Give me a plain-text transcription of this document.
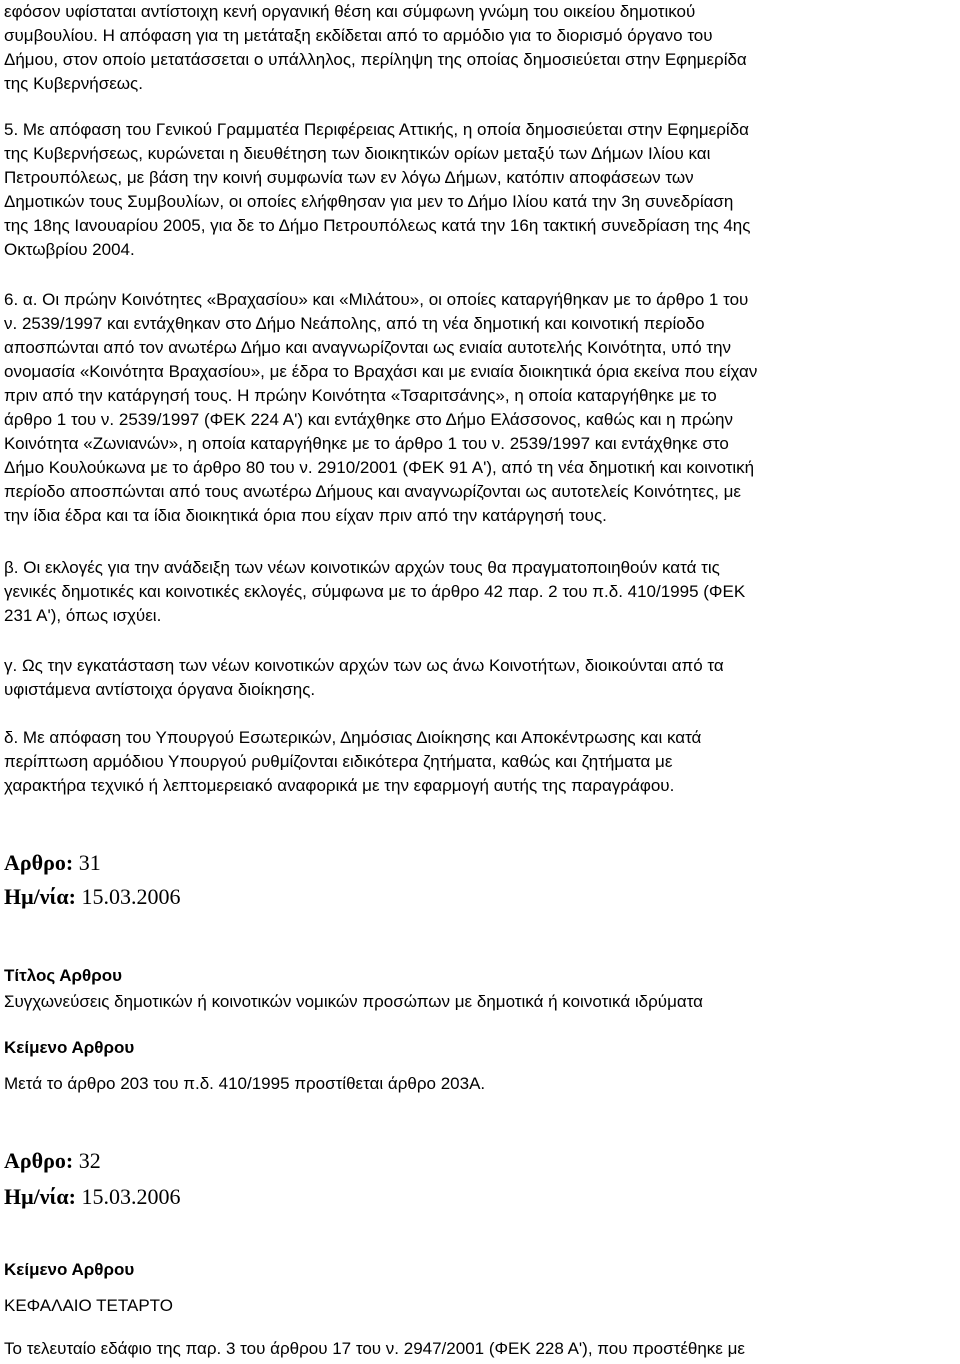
εφόσον υφίσταται αντίστοιχη κενή οργανική θέση και σύμφωνη γνώμη του οικείου δημοτικού
συμβουλίου. Η απόφαση για τη μετάταξη εκδίδεται από το αρμόδιο για το διορισμό όργανο του
Δήμου, στον οποίο μετατάσσεται ο υπάλληλος, περίληψη της οποίας δημοσιεύεται στην Εφημερίδα
της Κυβερνήσεως.
5. Με απόφαση του Γενικού Γραμματέα Περιφέρειας Αττικής, η οποία δημοσιεύεται στην Εφημερίδα
της Κυβερνήσεως, κυρώνεται η διευθέτηση των διοικητικών ορίων μεταξύ των Δήμων Ιλίου και
Πετρουπόλεως, με βάση την κοινή συμφωνία των εν λόγω Δήμων, κατόπιν αποφάσεων των
Δημοτικών τους Συμβουλίων, οι οποίες ελήφθησαν για μεν το Δήμο Ιλίου κατά την 3η συνεδρίαση
της 18ης Ιανουαρίου 2005, για δε το Δήμο Πετρουπόλεως κατά την 16η τακτική συνεδρίαση της 4ης
Οκτωβρίου 2004.
6. α. Οι πρώην Κοινότητες «Βραχασίου» και «Μιλάτου», οι οποίες καταργήθηκαν με το άρθρο 1 του
ν. 2539/1997 και εντάχθηκαν στο Δήμο Νεάπολης, από τη νέα δημοτική και κοινοτική περίοδο
αποσπώνται από τον ανωτέρω Δήμο και αναγνωρίζονται ως ενιαία αυτοτελής Κοινότητα, υπό την
ονομασία «Κοινότητα Βραχασίου», με έδρα το Βραχάσι και με ενιαία διοικητικά όρια εκείνα που είχαν
πριν από την κατάργησή τους. Η πρώην Κοινότητα «Τσαριτσάνης», η οποία καταργήθηκε με το
άρθρο 1 του ν. 2539/1997 (ΦΕΚ 224 Α') και εντάχθηκε στο Δήμο Ελάσσονος, καθώς και η πρώην
Κοινότητα «Ζωνιανών», η οποία καταργήθηκε με το άρθρο 1 του ν. 2539/1997 και εντάχθηκε στο
Δήμο Κουλούκωνα με το άρθρο 80 του ν. 2910/2001 (ΦΕΚ 91 Α'), από τη νέα δημοτική και κοινοτική
περίοδο αποσπώνται από τους ανωτέρω Δήμους και αναγνωρίζονται ως αυτοτελείς Κοινότητες, με
την ίδια έδρα και τα ίδια διοικητικά όρια που είχαν πριν από την κατάργησή τους.
β. Οι εκλογές για την ανάδειξη των νέων κοινοτικών αρχών τους θα πραγματοποιηθούν κατά τις
γενικές δημοτικές και κοινοτικές εκλογές, σύμφωνα με το άρθρο 42 παρ. 2 του π.δ. 410/1995 (ΦΕΚ
231 Α'), όπως ισχύει.
γ. Ως την εγκατάσταση των νέων κοινοτικών αρχών των ως άνω Κοινοτήτων, διοικούνται από τα
υφιστάμενα αντίστοιχα όργανα διοίκησης.
δ. Με απόφαση του Υπουργού Εσωτερικών, Δημόσιας Διοίκησης και Αποκέντρωσης και κατά
περίπτωση αρμόδιου Υπουργού ρυθμίζονται ειδικότερα ζητήματα, καθώς και ζητήματα με
χαρακτήρα τεχνικό ή λεπτομερειακό αναφορικά με την εφαρμογή αυτής της παραγράφου.
Αρθρο: 31
Ημ/νία: 15.03.2006
Τίτλος Αρθρου
Συγχωνεύσεις δημοτικών ή κοινοτικών νομικών προσώπων με δημοτικά ή κοινοτικά ιδρύματα
Κείμενο Αρθρου
Μετά το άρθρο 203 του π.δ. 410/1995 προστίθεται άρθρο 203Α.
Αρθρο: 32
Ημ/νία: 15.03.2006
Κείμενο Αρθρου
ΚΕΦΑΛΑΙΟ ΤΕΤΑΡΤΟ
Το τελευταίο εδάφιο της παρ. 3 του άρθρου 17 του ν. 2947/2001 (ΦΕΚ 228 Α'), που προστέθηκε με
